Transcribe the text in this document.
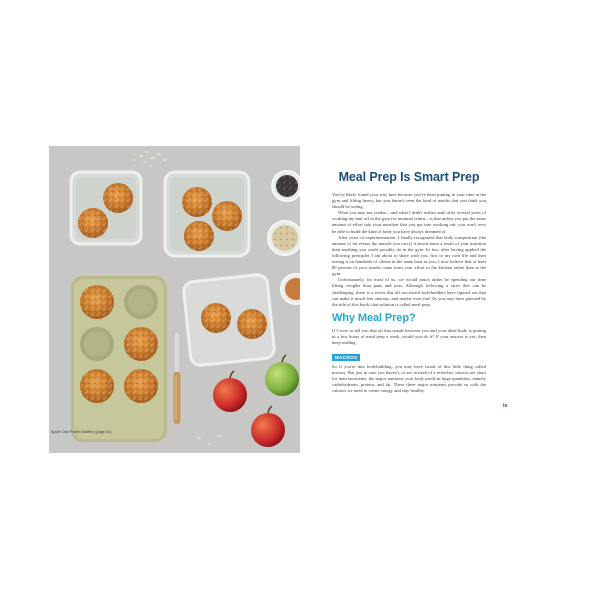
Apple Oat Protein Muffins (page 51)
Meal Prep Is Smart Prep

You've likely found your way here because you've been putting in your time at the gym and lifting heavy, but you haven't seen the kind of results that you think you should be seeing.

What you may not realize—and what I didn't realize until after several years of working my butt off in the gym for minimal return—is that unless you put the same amount of effort into your nutrition that you put into working out, you won't ever be able to build the kind of body you have always dreamed of.

After years of experimentation, I finally recognized that body composition (the amount of fat versus the muscle you carry) is much more a result of your nutrition than anything you could possibly do in the gym. In fact, after having applied the following principles I am about to share with you, first to my own life and then testing it on hundreds of clients in the same boat as you, I now believe that at least 80 percent of your results come from your effort in the kitchen rather than at the gym.

Unfortunately, for most of us, we would much rather be spending our time lifting weights than pans and pots. Although following a strict diet can be challenging, there is a secret that all successful bodybuilders have figured out that can make it much less onerous, and maybe even fun! As you may have guessed by the title of this book, that solution is called meal prep.

Why Meal Prep?

If I were to tell you that all that stands between you and your ideal body is putting in a few hours of meal prep a week, would you do it? If your answer is yes, then keep reading.

MACROS

So if you're into bodybuilding, you may have heard of this little thing called macros. But just in case you haven't, or are in need of a refresher, macros are short for macronutrients, the major nutrients your body needs in large quantities, namely carbohydrates, protein, and fat. These three major nutrients provide us with the calories we need to create energy and stay healthy.

ix
